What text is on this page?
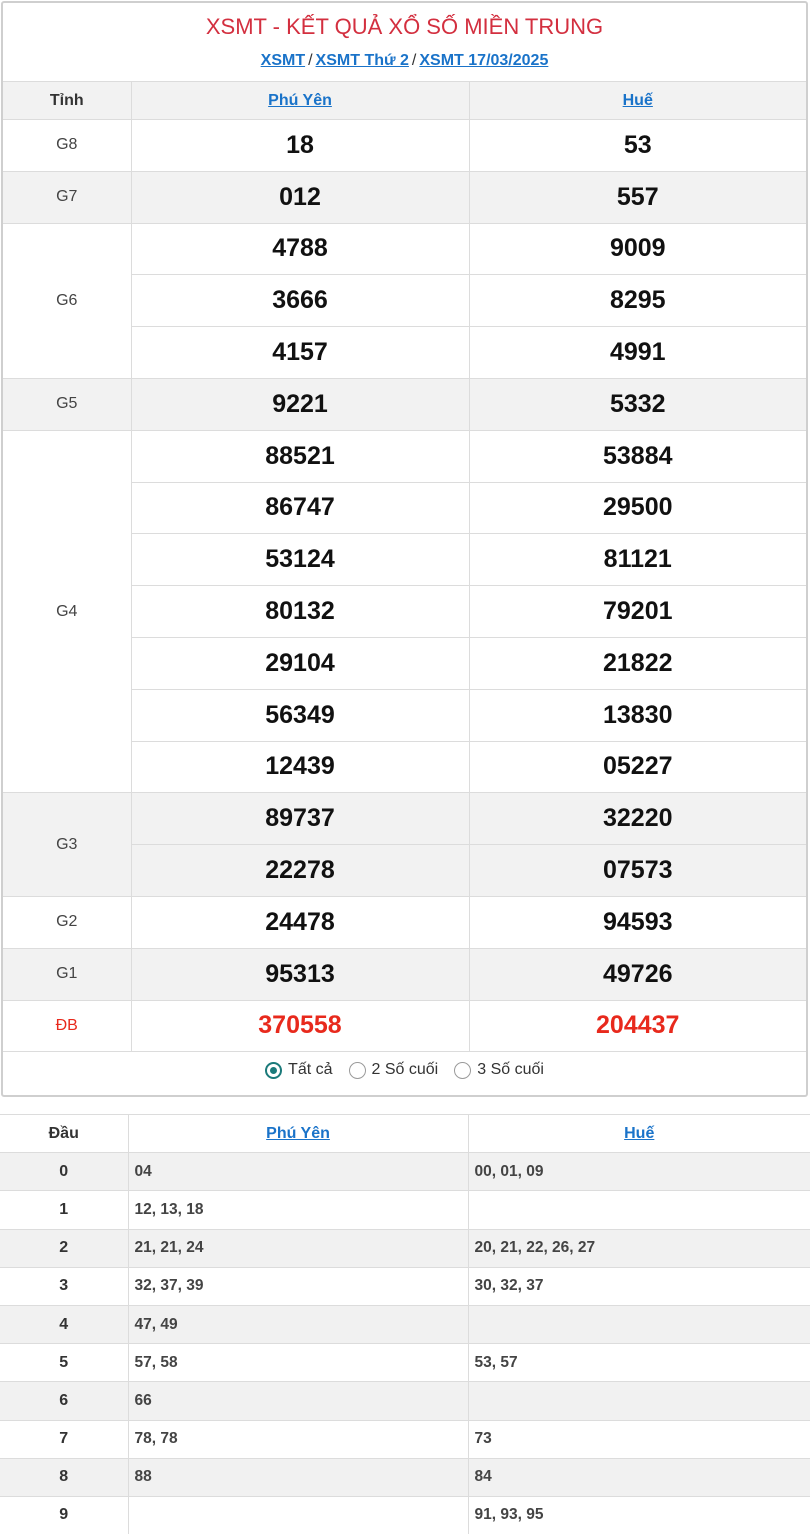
XSMT - KẾT QUẢ XỔ SỐ MIỀN TRUNG
XSMT / XSMT Thứ 2 / XSMT 17/03/2025
Tỉnh	Phú Yên	Huế
G8	18	53
G7	012	557
G6	4788	9009
	3666	8295
	4157	4991
G5	9221	5332
G4	88521	53884
	86747	29500
	53124	81121
	80132	79201
	29104	21822
	56349	13830
	12439	05227
G3	89737	32220
	22278	07573
G2	24478	94593
G1	95313	49726
ĐB	370558	204437
Tất cả 2 Số cuối 3 Số cuối
Đầu	Phú Yên	Huế
0	04	00, 01, 09
1	12, 13, 18	
2	21, 21, 24	20, 21, 22, 26, 27
3	32, 37, 39	30, 32, 37
4	47, 49	
5	57, 58	53, 57
6	66	
7	78, 78	73
8	88	84
9		91, 93, 95
